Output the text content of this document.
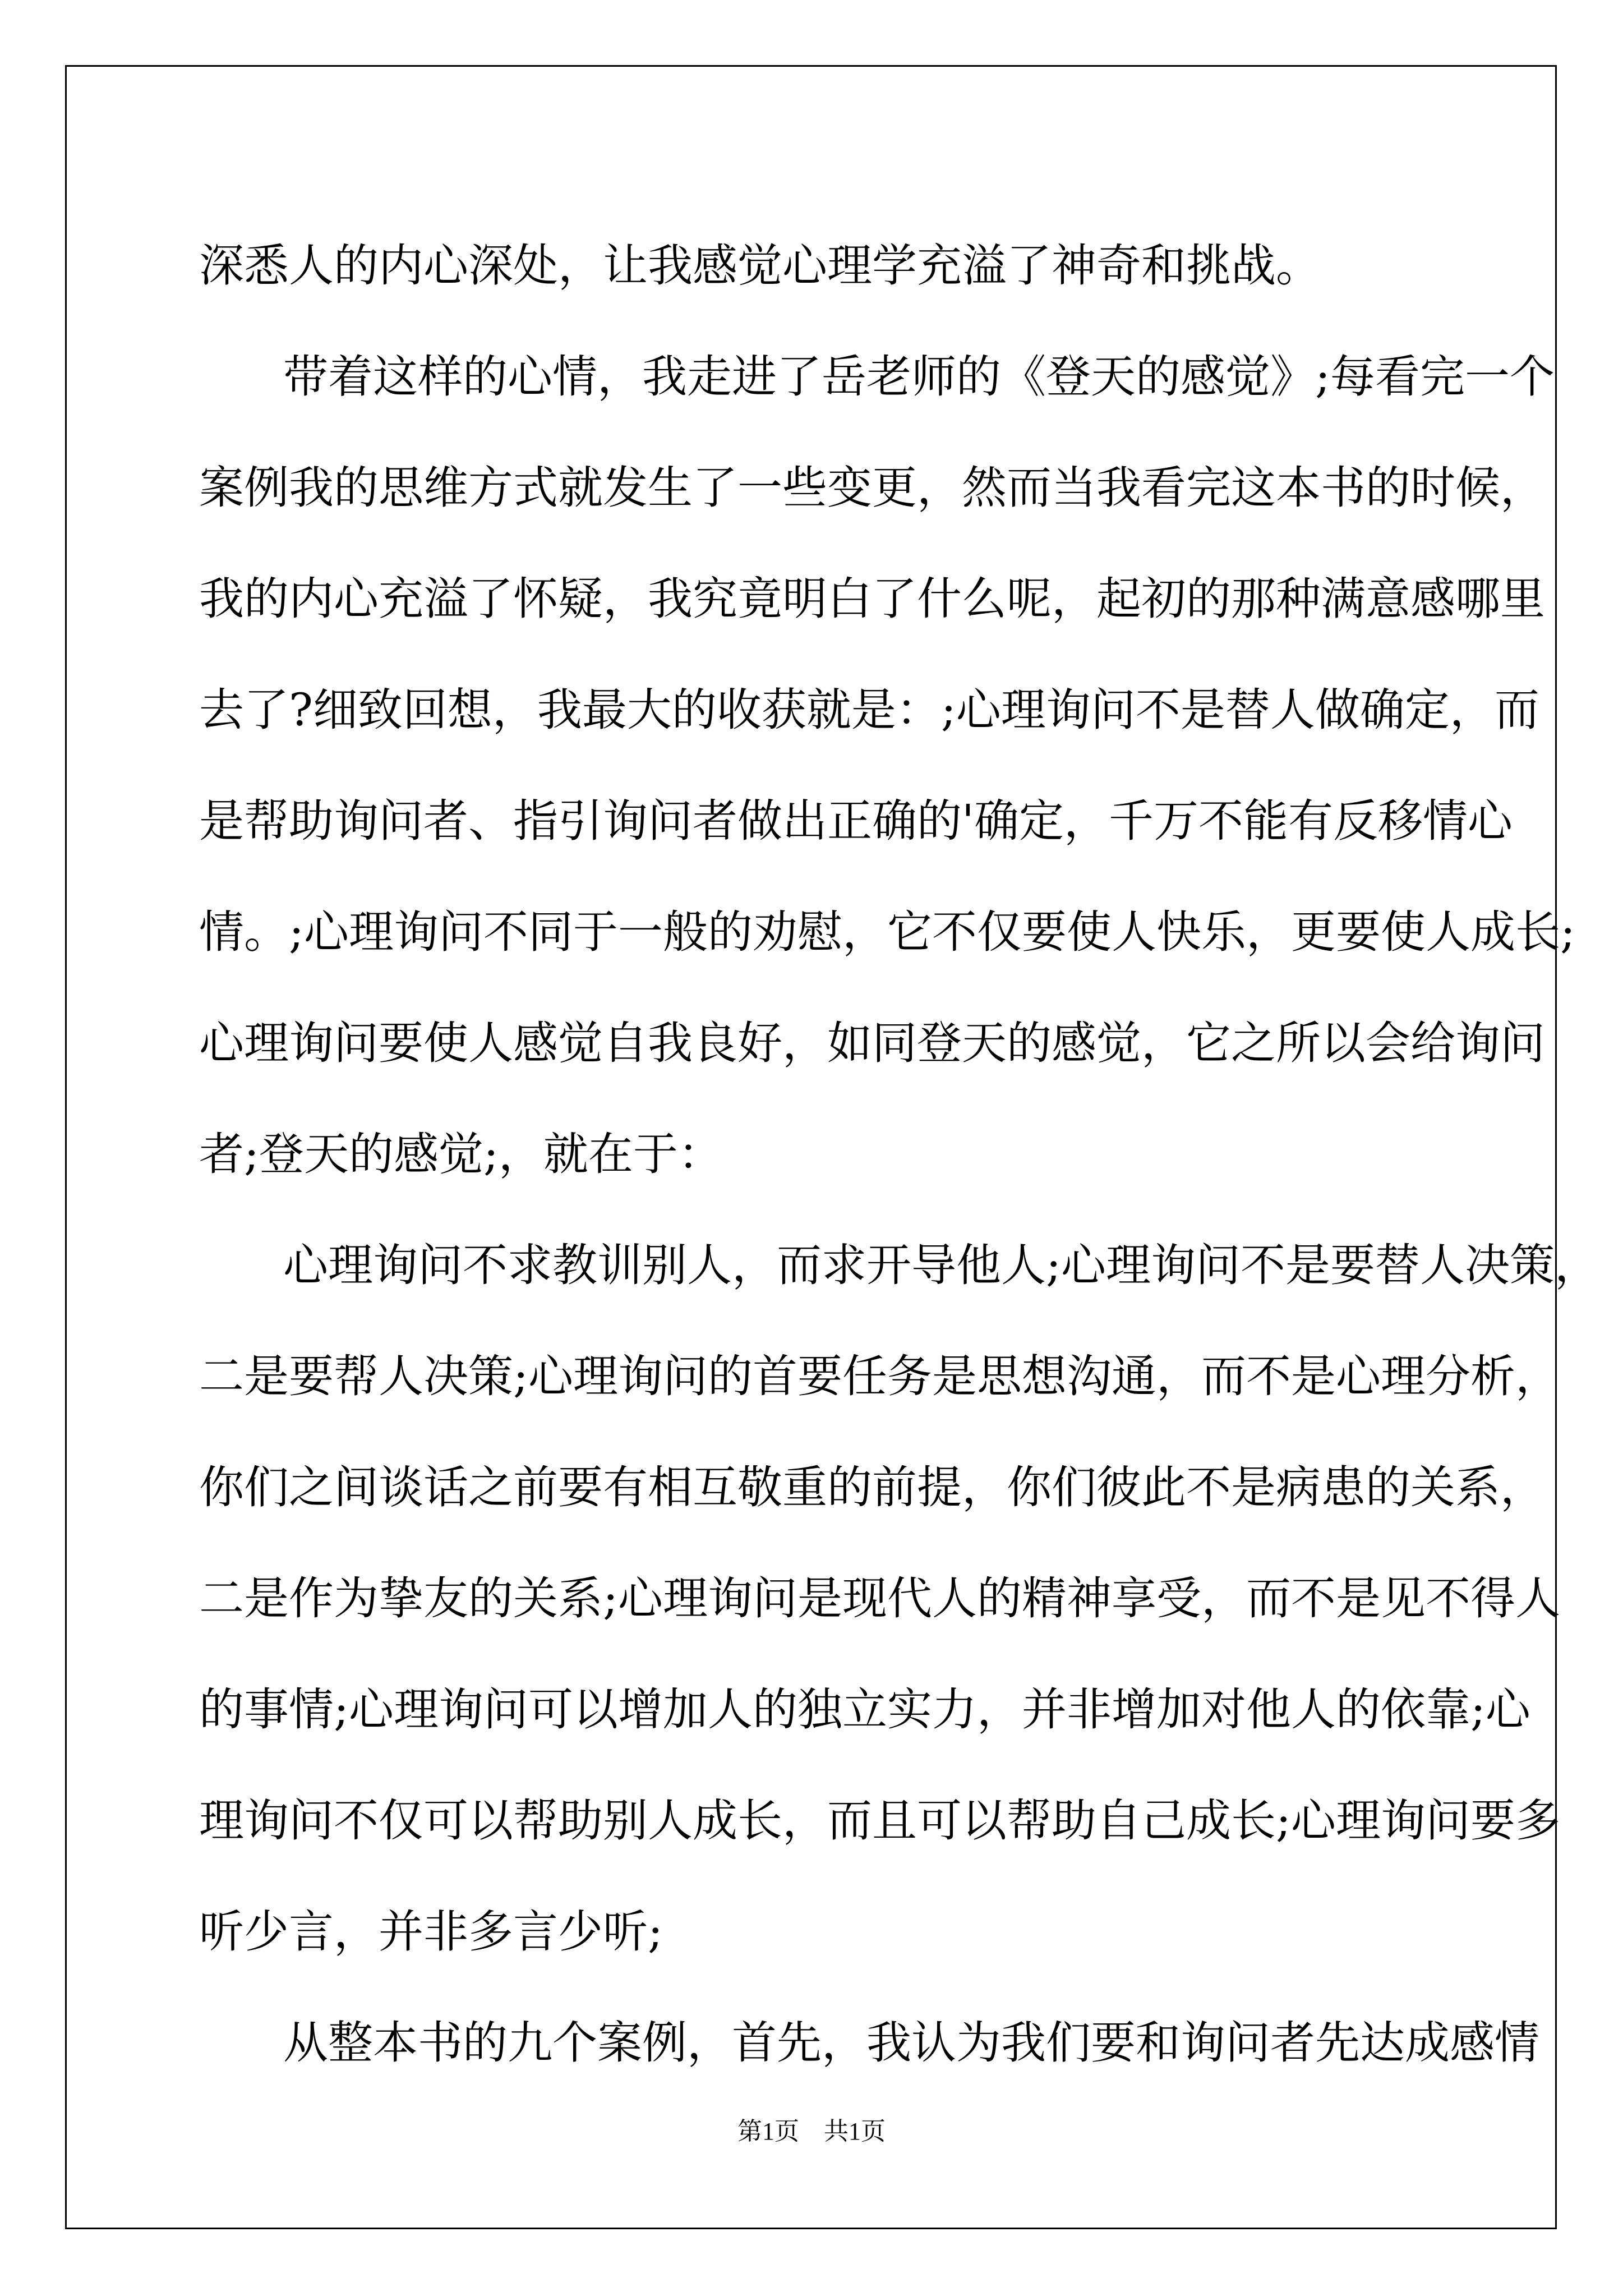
深悉人的内心深处，让我感觉心理学充溢了神奇和挑战。
带着这样的心情，我走进了岳老师的《登天的感觉》;每看完一个
案例我的思维方式就发生了一些变更，然而当我看完这本书的时候，
我的内心充溢了怀疑，我究竟明白了什么呢，起初的那种满意感哪里
去了?细致回想，我最大的收获就是：;心理询问不是替人做确定，而
是帮助询问者、指引询问者做出正确的'确定，千万不能有反移情心
情。;心理询问不同于一般的劝慰，它不仅要使人快乐，更要使人成长;
心理询问要使人感觉自我良好，如同登天的感觉，它之所以会给询问
者;登天的感觉;，就在于：
心理询问不求教训别人，而求开导他人;心理询问不是要替人决策，
二是要帮人决策;心理询问的首要任务是思想沟通，而不是心理分析，
你们之间谈话之前要有相互敬重的前提，你们彼此不是病患的关系，
二是作为挚友的关系;心理询问是现代人的精神享受，而不是见不得人
的事情;心理询问可以增加人的独立实力，并非增加对他人的依靠;心
理询问不仅可以帮助别人成长，而且可以帮助自己成长;心理询问要多
听少言，并非多言少听;
从整本书的九个案例，首先，我认为我们要和询问者先达成感情
第1页　共1页
